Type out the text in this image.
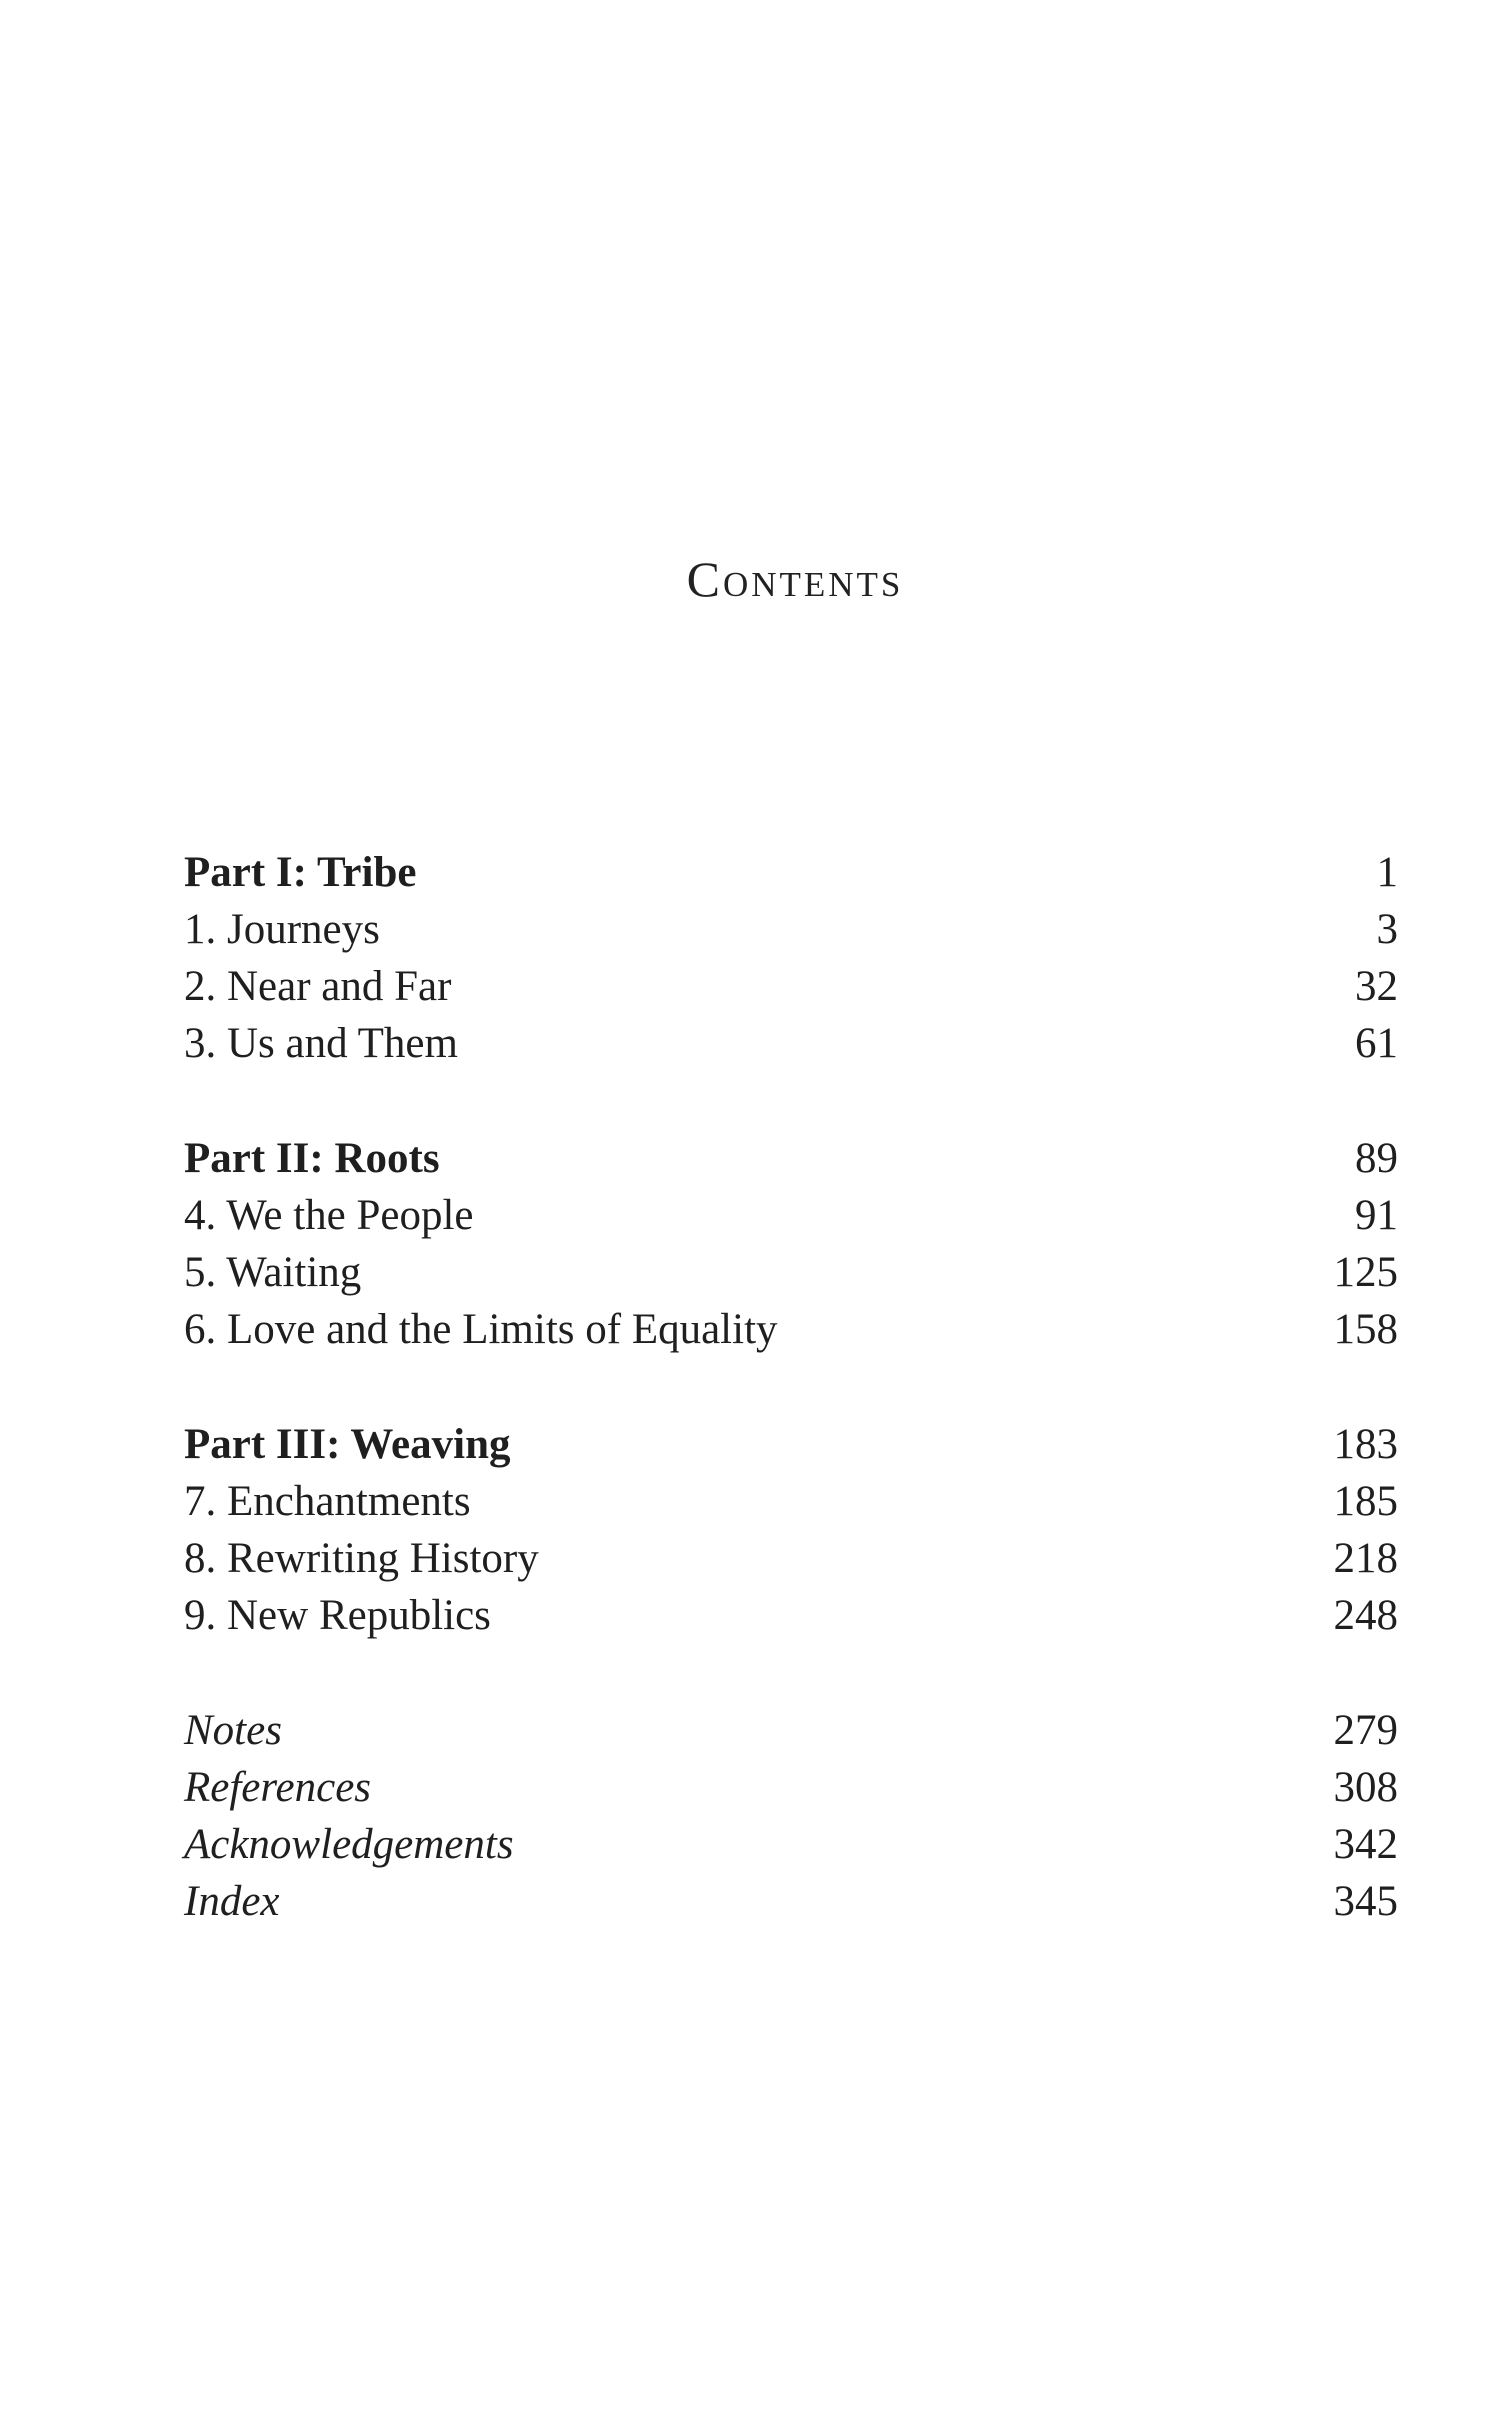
Contents
Part I: Tribe	1
1. Journeys	3
2. Near and Far	32
3. Us and Them	61
Part II: Roots	89
4. We the People	91
5. Waiting	125
6. Love and the Limits of Equality	158
Part III: Weaving	183
7. Enchantments	185
8. Rewriting History	218
9. New Republics	248
Notes	279
References	308
Acknowledgements	342
Index	345
